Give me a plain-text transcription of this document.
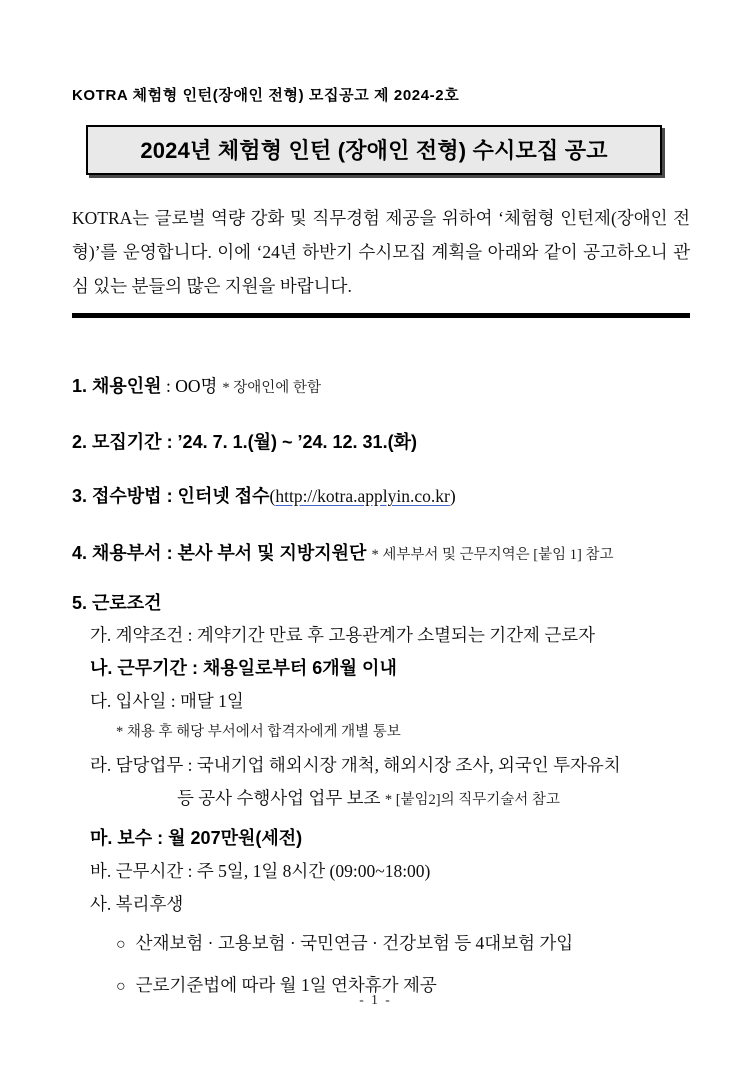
KOTRA 체험형 인턴(장애인 전형) 모집공고 제 2024-2호
2024년 체험형 인턴 (장애인 전형) 수시모집 공고
KOTRA는 글로벌 역량 강화 및 직무경험 제공을 위하여 ‘체험형 인턴제(장애인 전형)’를 운영합니다. 이에 ‘24년 하반기 수시모집 계획을 아래와 같이 공고하오니 관심 있는 분들의 많은 지원을 바랍니다.
1. 채용인원 : OO명 * 장애인에 한함
2. 모집기간 : ’24. 7. 1.(월) ~ ’24. 12. 31.(화)
3. 접수방법 : 인터넷 접수(http://kotra.applyin.co.kr)
4. 채용부서 : 본사 부서 및 지방지원단 * 세부부서 및 근무지역은 [붙임 1] 참고
5. 근로조건
가. 계약조건 : 계약기간 만료 후 고용관계가 소멸되는 기간제 근로자
나. 근무기간 : 채용일로부터 6개월 이내
다. 입사일 : 매달 1일
* 채용 후 해당 부서에서 합격자에게 개별 통보
라. 담당업무 : 국내기업 해외시장 개척, 해외시장 조사, 외국인 투자유치
등 공사 수행사업 업무 보조 * [붙임2]의 직무기술서 참고
마. 보수 : 월 207만원(세전)
바. 근무시간 : 주 5일, 1일 8시간 (09:00~18:00)
사. 복리후생
○ 산재보험 · 고용보험 · 국민연금 · 건강보험 등 4대보험 가입
○ 근로기준법에 따라 월 1일 연차휴가 제공
- 1 -
